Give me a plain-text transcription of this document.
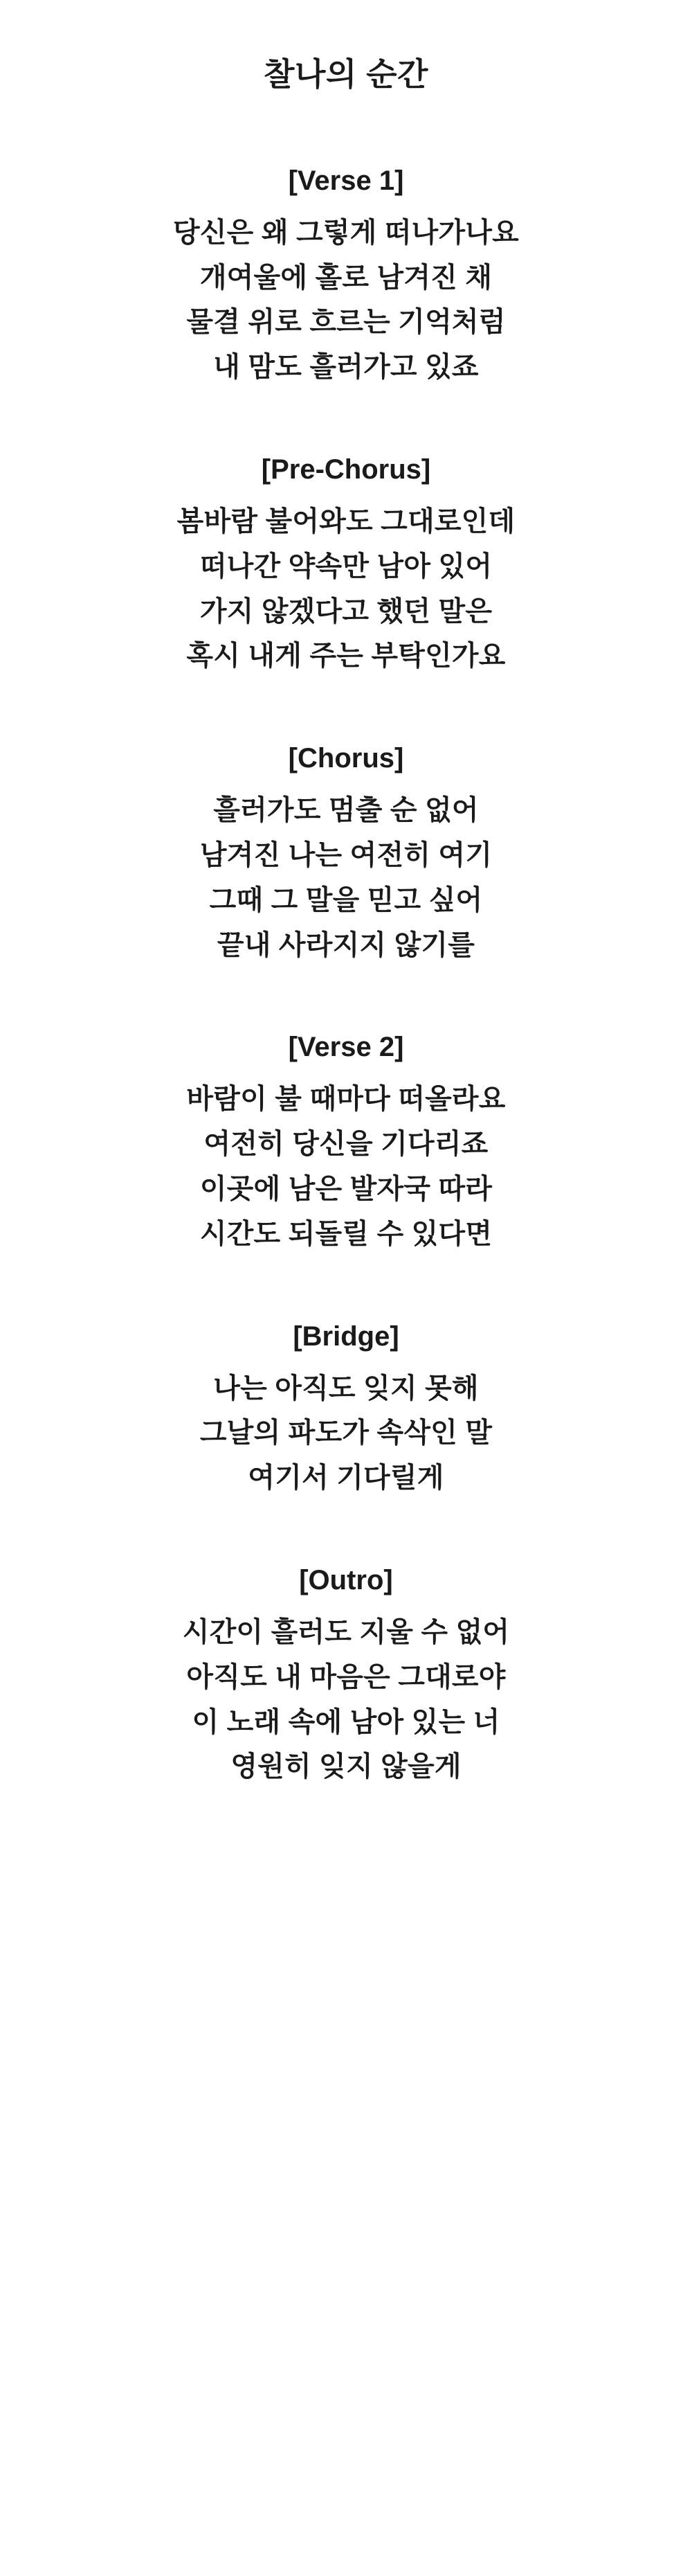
찰나의 순간
[Verse 1]

당신은 왜 그렇게 떠나가나요

개여울에 홀로 남겨진 채

물결 위로 흐르는 기억처럼

내 맘도 흘러가고 있죠

[Pre-Chorus]

봄바람 불어와도 그대로인데

떠나간 약속만 남아 있어

가지 않겠다고 했던 말은

혹시 내게 주는 부탁인가요

[Chorus]

흘러가도 멈출 순 없어

남겨진 나는 여전히 여기

그때 그 말을 믿고 싶어

끝내 사라지지 않기를

[Verse 2]

바람이 불 때마다 떠올라요

여전히 당신을 기다리죠

이곳에 남은 발자국 따라

시간도 되돌릴 수 있다면

[Bridge]

나는 아직도 잊지 못해

그날의 파도가 속삭인 말

여기서 기다릴게

[Outro]

시간이 흘러도 지울 수 없어

아직도 내 마음은 그대로야

이 노래 속에 남아 있는 너

영원히 잊지 않을게
